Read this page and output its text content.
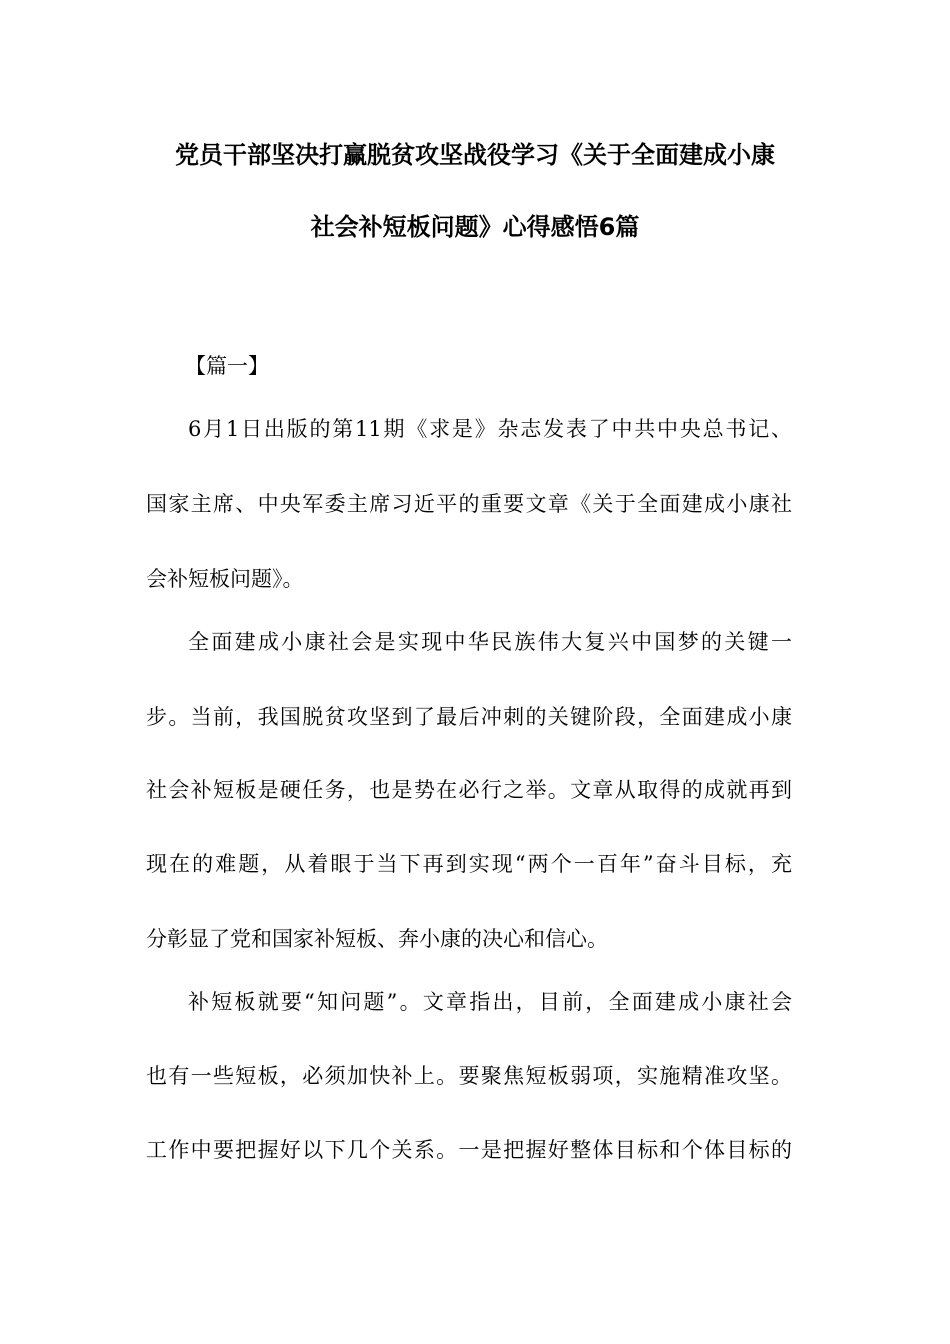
党员干部坚决打赢脱贫攻坚战役学习《关于全面建成小康
社会补短板问题》心得感悟6篇
【篇一】
6月1日出版的第11期《求是》杂志发表了中共中央总书记、
国家主席、中央军委主席习近平的重要文章《关于全面建成小康社
会补短板问题》。
全面建成小康社会是实现中华民族伟大复兴中国梦的关键一
步。当前，我国脱贫攻坚到了最后冲刺的关键阶段，全面建成小康
社会补短板是硬任务，也是势在必行之举。文章从取得的成就再到
现在的难题，从着眼于当下再到实现“两个一百年”奋斗目标，充
分彰显了党和国家补短板、奔小康的决心和信心。
补短板就要“知问题”。文章指出，目前，全面建成小康社会
也有一些短板，必须加快补上。要聚焦短板弱项，实施精准攻坚。
工作中要把握好以下几个关系。一是把握好整体目标和个体目标的
